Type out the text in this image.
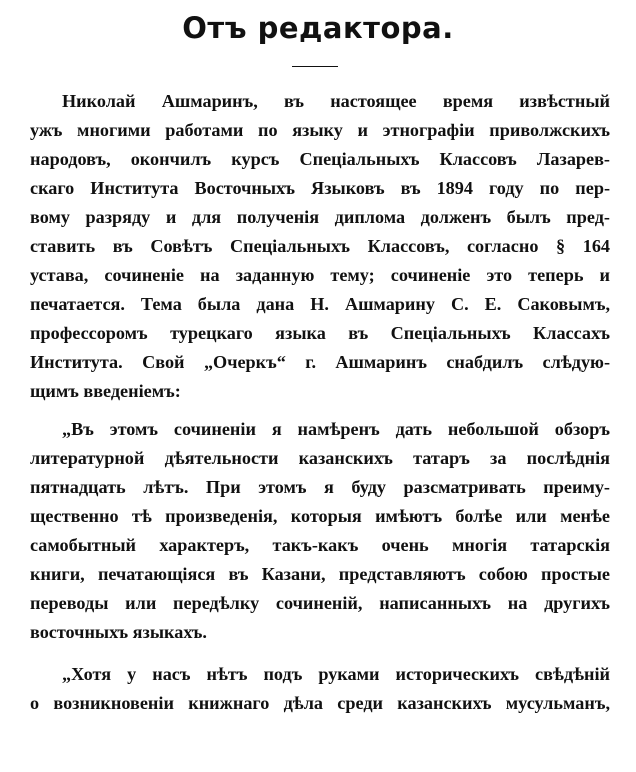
Отъ редактора.
Николай Ашмаринъ, въ настоящее время извѣстный
ужъ многими работами по языку и этнографіи приволжскихъ
народовъ, окончилъ курсъ Спеціальныхъ Классовъ Лазарев-
скаго Института Восточныхъ Языковъ въ 1894 году по пер-
вому разряду и для полученія диплома долженъ былъ пред-
ставить въ Совѣтъ Спеціальныхъ Классовъ, согласно § 164
устава, сочиненіе на заданную тему; сочиненіе это теперь и
печатается. Тема была дана Н. Ашмарину С. Е. Саковымъ,
профессоромъ турецкаго языка въ Спеціальныхъ Классахъ
Института. Свой „Очеркъ“ г. Ашмаринъ снабдилъ слѣдую-
щимъ введеніемъ:
„Въ этомъ сочиненіи я намѣренъ дать небольшой обзоръ
литературной дѣятельности казанскихъ татаръ за послѣднія
пятнадцать лѣтъ. При этомъ я буду разсматривать преиму-
щественно тѣ произведенія, которыя имѣютъ болѣе или менѣе
самобытный характеръ, такъ-какъ очень многія татарскія
книги, печатающіяся въ Казани, представляютъ собою простые
переводы или передѣлку сочиненій, написанныхъ на другихъ
восточныхъ языкахъ.
„Хотя у насъ нѣтъ подъ руками историческихъ свѣдѣній
о возникновеніи книжнаго дѣла среди казанскихъ мусульманъ,
